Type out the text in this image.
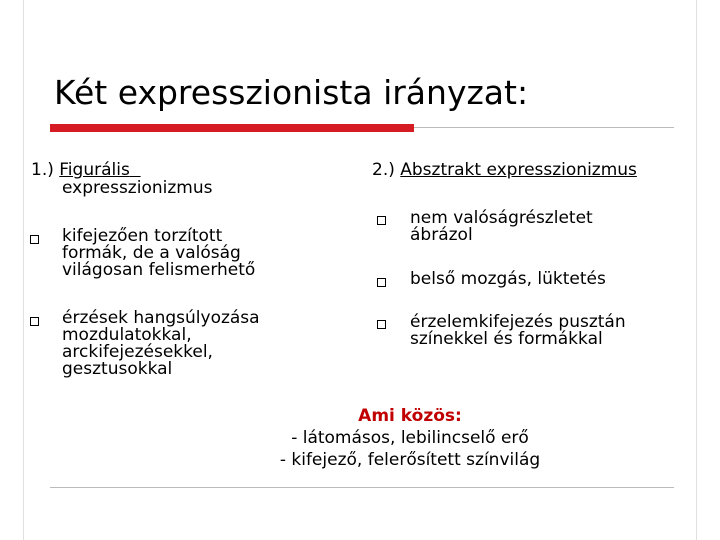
Két expresszionista irányzat:
1.) Figurális
expresszionizmus
kifejezően torzított
formák, de a valóság
világosan felismerhető
érzések hangsúlyozása
mozdulatokkal,
arckifejezésekkel,
gesztusokkal
2.) Absztrakt expresszionizmus
nem valóságrészletet
ábrázol
belső mozgás, lüktetés
érzelemkifejezés pusztán
színekkel és formákkal
Ami közös:
- látomásos, lebilincselő erő
- kifejező, felerősített színvilág
